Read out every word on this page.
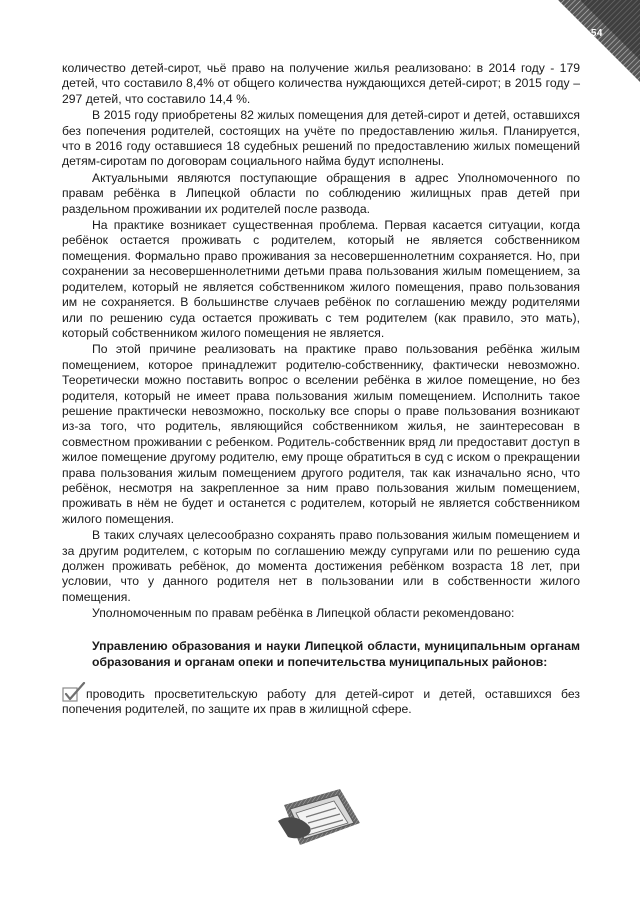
54

количество детей-сирот, чьё право на получение жилья реализовано: в 2014 году - 179 детей, что составило 8,4% от общего количества нуждающихся детей-сирот; в 2015 году – 297 детей, что составило 14,4 %.

В 2015 году приобретены 82 жилых помещения для детей-сирот и детей, оставшихся без попечения родителей, состоящих на учёте по предоставлению жилья. Планируется, что в 2016 году оставшиеся 18 судебных решений по предоставлению жилых помещений детям-сиротам по договорам социального найма будут исполнены.

Актуальными являются поступающие обращения в адрес Уполномоченного по правам ребёнка в Липецкой области по соблюдению жилищных прав детей при раздельном проживании их родителей после развода.

На практике возникает существенная проблема. Первая касается ситуации, когда ребёнок остается проживать с родителем, который не является собственником помещения. Формально право проживания за несовершеннолетним сохраняется. Но, при сохранении за несовершеннолетними детьми права пользования жилым помещением, за родителем, который не является собственником жилого помещения, право пользования им не сохраняется. В большинстве случаев ребёнок по соглашению между родителями или по решению суда остается проживать с тем родителем (как правило, это мать), который собственником жилого помещения не является.

По этой причине реализовать на практике право пользования ребёнка жилым помещением, которое принадлежит родителю-собственнику, фактически невозможно. Теоретически можно поставить вопрос о вселении ребёнка в жилое помещение, но без родителя, который не имеет права пользования жилым помещением. Исполнить такое решение практически невозможно, поскольку все споры о праве пользования возникают из-за того, что родитель, являющийся собственником жилья, не заинтересован в совместном проживании с ребенком. Родитель-собственник вряд ли предоставит доступ в жилое помещение другому родителю, ему проще обратиться в суд с иском о прекращении права пользования жилым помещением другого родителя, так как изначально ясно, что ребёнок, несмотря на закрепленное за ним право пользования жилым помещением, проживать в нём не будет и останется с родителем, который не является собственником жилого помещения.

В таких случаях целесообразно сохранять право пользования жилым помещением и за другим родителем, с которым по соглашению между супругами или по решению суда должен проживать ребёнок, до момента достижения ребёнком возраста 18 лет, при условии, что у данного родителя нет в пользовании или в собственности жилого помещения.

Уполномоченным по правам ребёнка в Липецкой области рекомендовано:

Управлению образования и науки Липецкой области, муниципальным органам образования и органам опеки и попечительства муниципальных районов:

проводить просветительскую работу для детей-сирот и детей, оставшихся без попечения родителей, по защите их прав в жилищной сфере.
